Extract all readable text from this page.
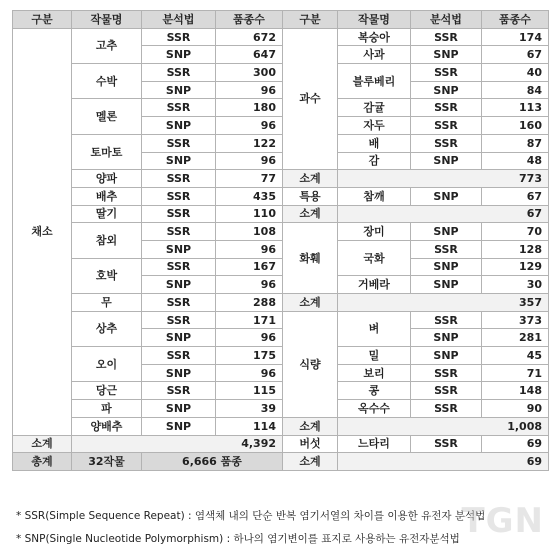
구분	작물명	분석법	품종수	구분	작물명	분석법	품종수
채소	고추	SSR	672	과수	복숭아	SSR	174
		SNP	647		사과	SNP	67
	수박	SSR	300		블루베리	SSR	40
		SNP	96			SNP	84
	멜론	SSR	180		감귤	SSR	113
		SNP	96		자두	SSR	160
	토마토	SSR	122		배	SSR	87
		SNP	96		감	SNP	48
	양파	SSR	77	소계	773		
	배추	SSR	435	특용	참깨	SNP	67
	딸기	SSR	110	소계	67		
	참외	SSR	108	화훼	장미	SNP	70
		SNP	96		국화	SSR	128
	호박	SSR	167			SNP	129
		SNP	96		거베라	SNP	30
	무	SSR	288	소계	357		
	상추	SSR	171	식량	벼	SSR	373
		SNP	96			SNP	281
	오이	SSR	175		밀	SNP	45
		SNP	96		보리	SSR	71
	당근	SSR	115		콩	SSR	148
	파	SNP	39		옥수수	SSR	90
	양배추	SNP	114	소계	1,008		
소계	4,392			버섯	느타리	SSR	69
총계	32작물	6,666 품종		소계	69		
* SSR(Simple Sequence Repeat) : 염색체 내의 단순 반복 염기서열의 차이를 이용한 유전자 분석법
* SNP(Single Nucleotide Polymorphism) : 하나의 염기변이를 표지로 사용하는 유전자분석법 TGN
